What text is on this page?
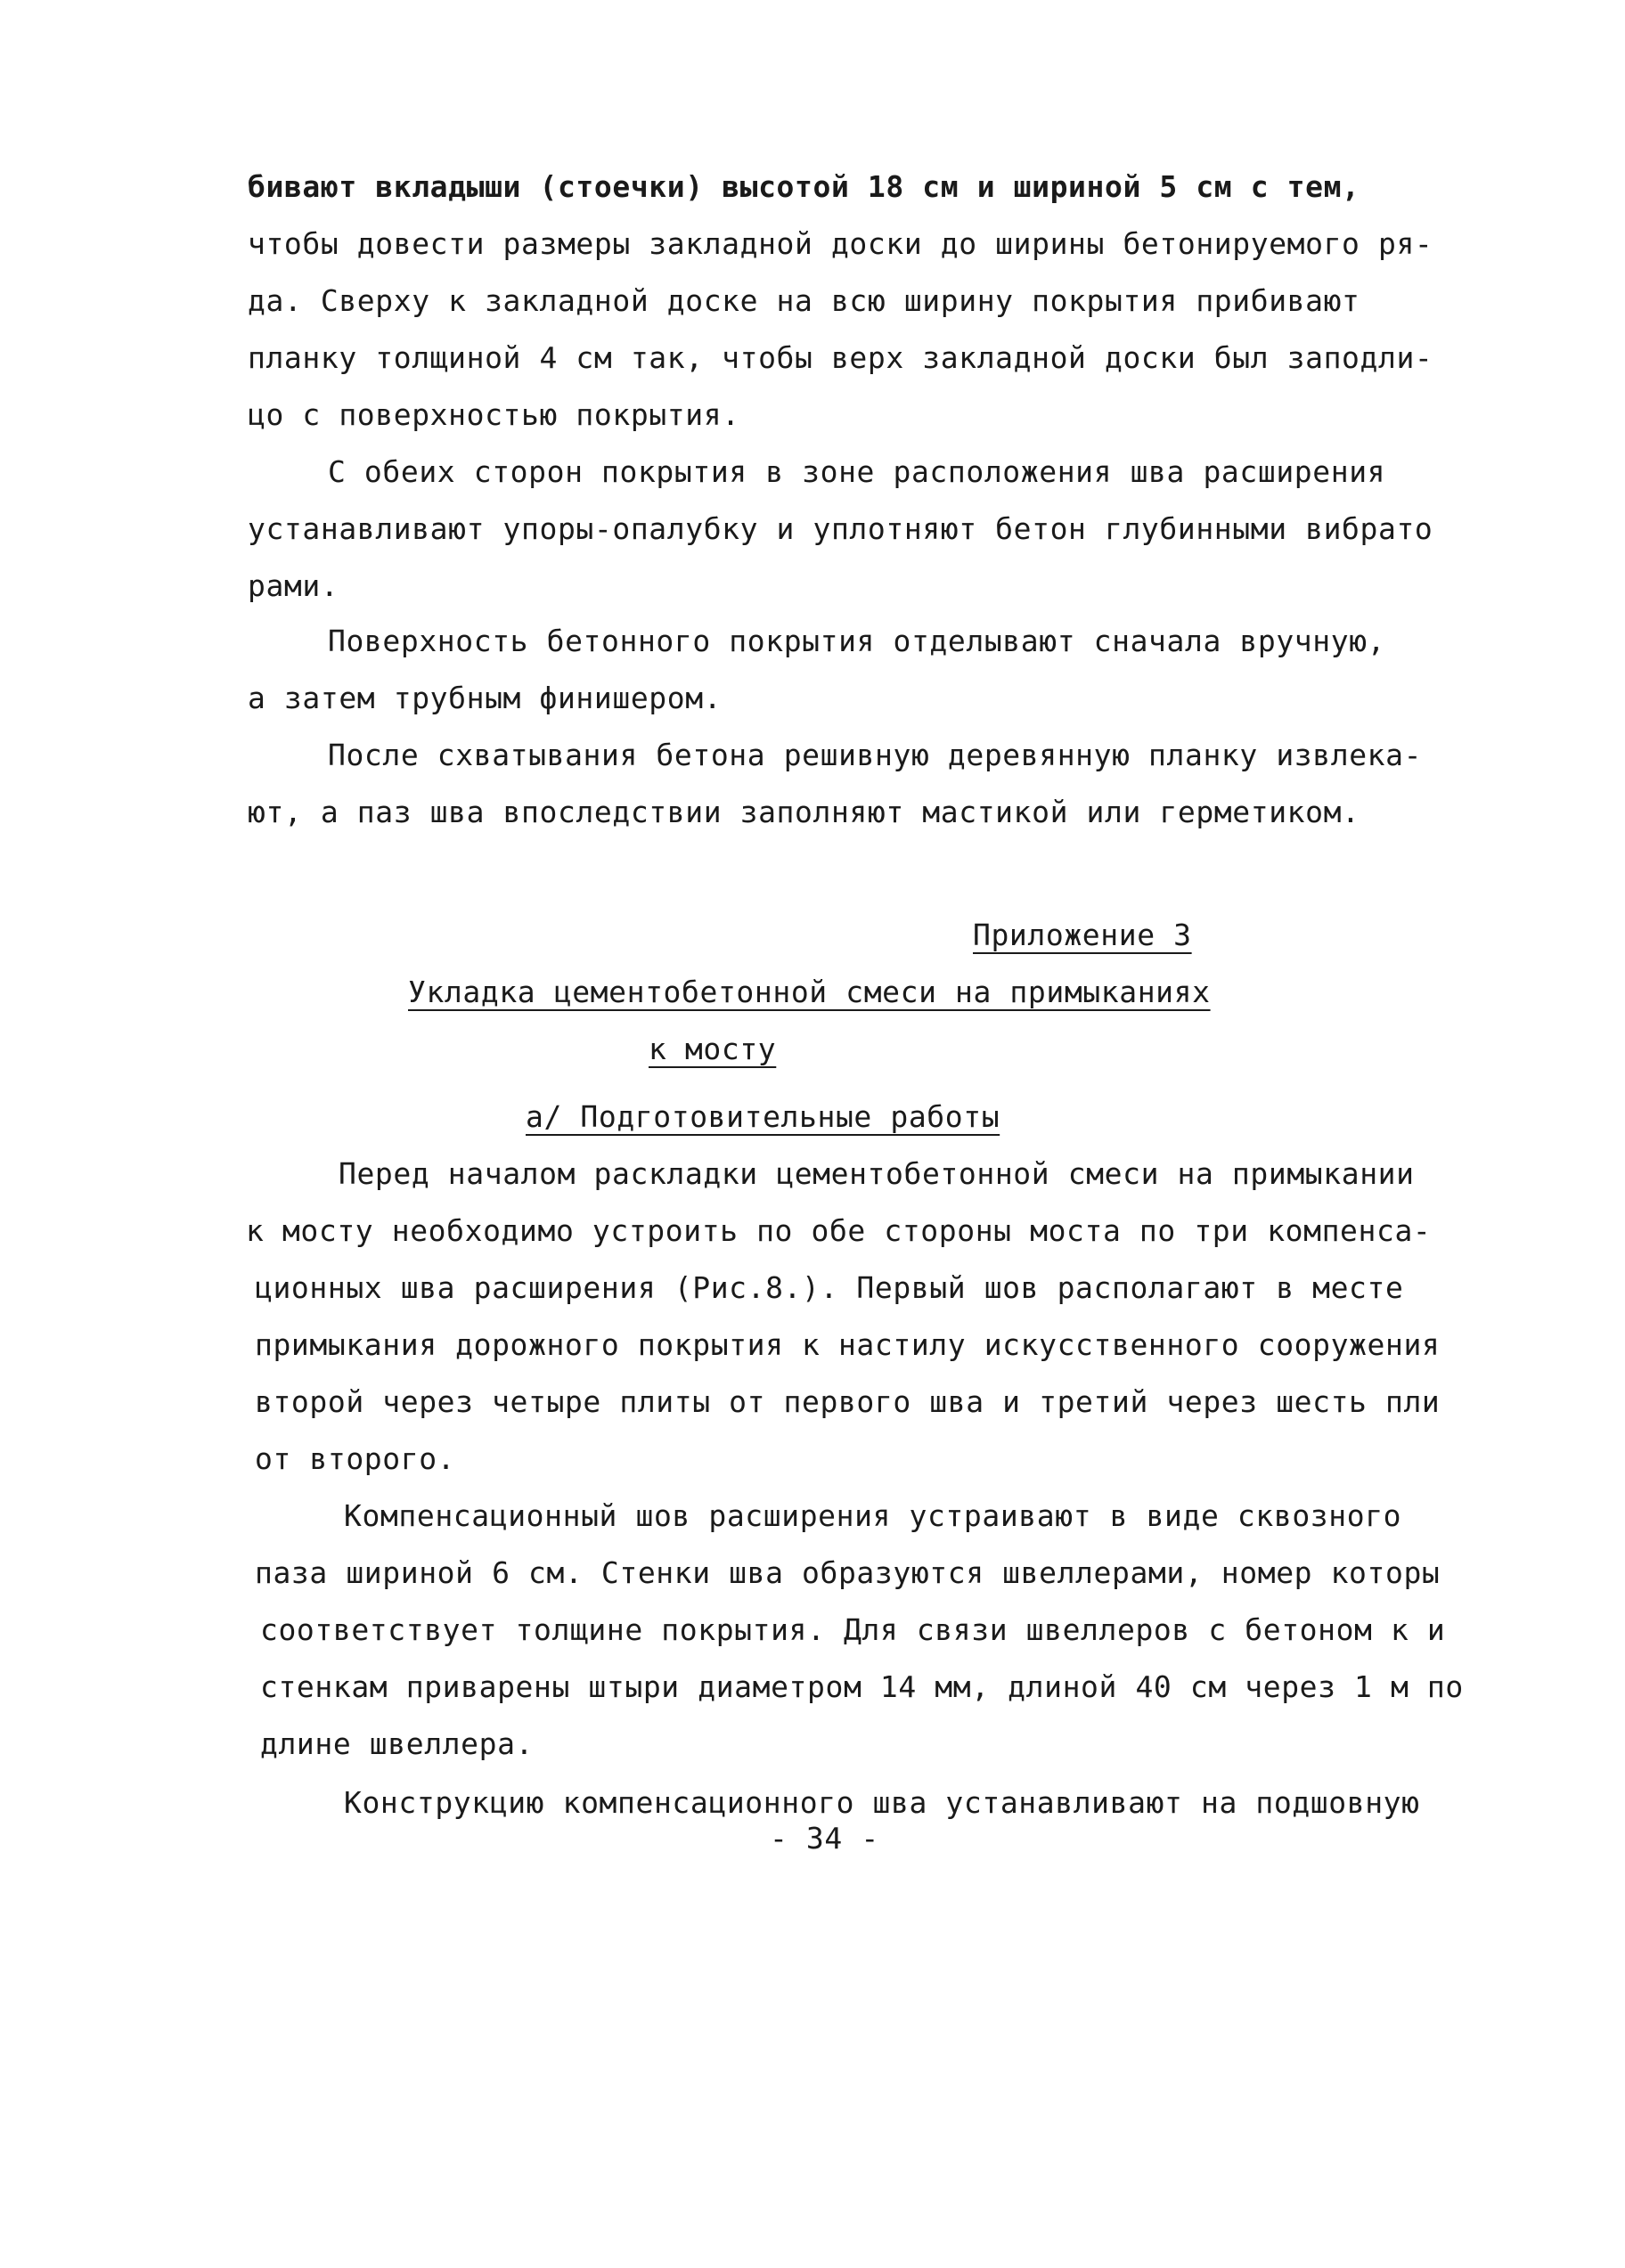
бивают вкладыши (стоечки) высотой 18 см и шириной 5 см с тем,
чтобы довести размеры закладной доски до ширины бетонируемого ря-
да. Сверху к закладной доске на всю ширину покрытия прибивают
планку толщиной 4 см так, чтобы верх закладной доски был заподли-
цо с поверхностью покрытия.
С обеих сторон покрытия в зоне расположения шва расширения
устанавливают упоры-опалубку и уплотняют бетон глубинными вибрато
рами.
Поверхность бетонного покрытия отделывают сначала вручную,
а затем трубным финишером.
После схватывания бетона решивную деревянную планку извлека-
ют, а паз шва впоследствии заполняют мастикой или герметиком.
Приложение 3
Укладка цементобетонной смеси на примыканиях
к мосту
а/ Подготовительные работы
Перед началом раскладки цементобетонной смеси на примыкании
к мосту необходимо устроить по обе стороны моста по три компенса-
ционных шва расширения (Рис.8.). Первый шов располагают в месте
примыкания дорожного покрытия к настилу искусственного сооружения
второй через четыре плиты от первого шва и третий через шесть пли
от второго.
Компенсационный шов расширения устраивают в виде сквозного
паза шириной 6 см. Стенки шва образуются швеллерами, номер которы
соответствует толщине покрытия. Для связи швеллеров с бетоном к и
стенкам приварены штыри диаметром 14 мм, длиной 40 см через 1 м по
длине швеллера.
Конструкцию компенсационного шва устанавливают на подшовную
- 34 -
